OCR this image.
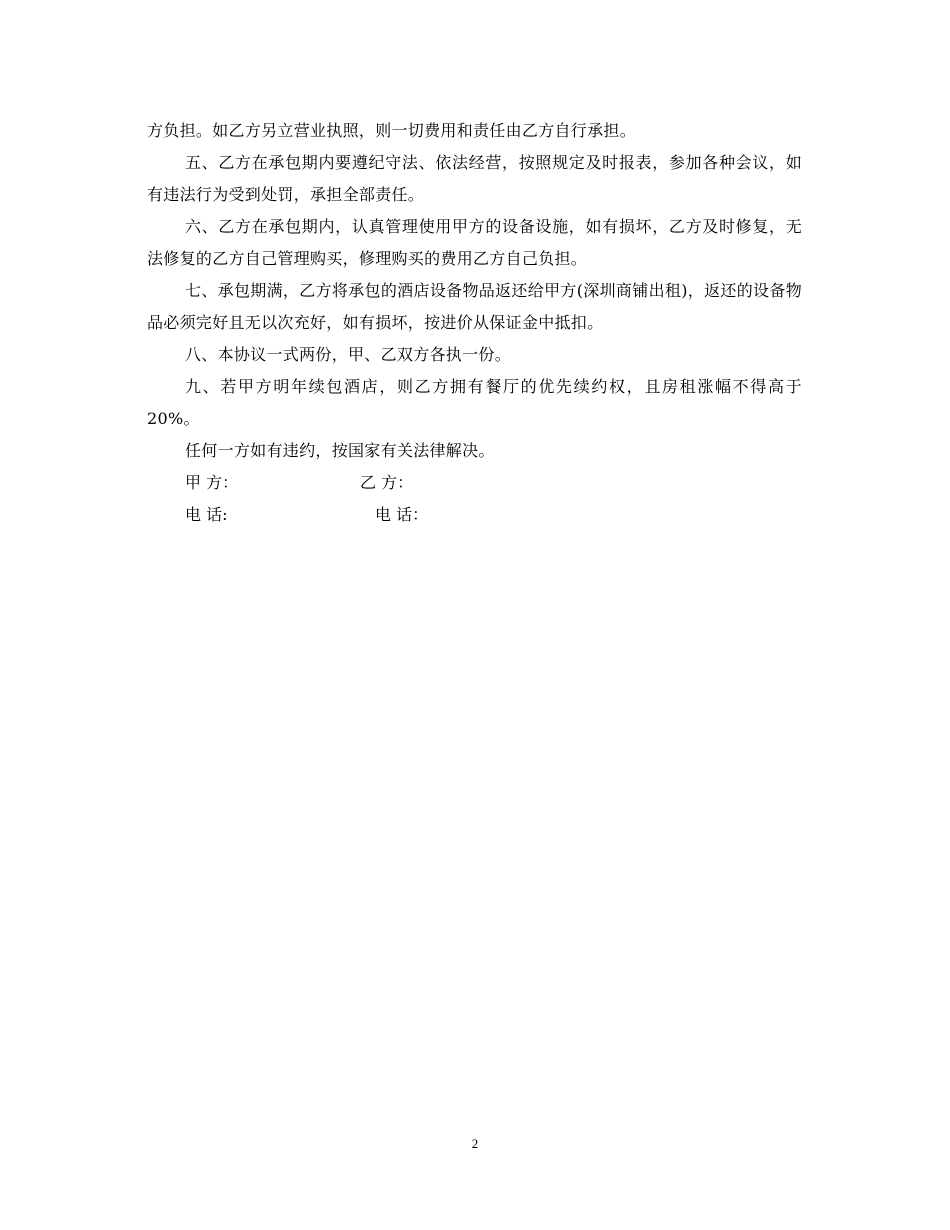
方负担。如乙方另立营业执照，则一切费用和责任由乙方自行承担。

五、乙方在承包期内要遵纪守法、依法经营，按照规定及时报表，参加各种会议，如有违法行为受到处罚，承担全部责任。

六、乙方在承包期内，认真管理使用甲方的设备设施，如有损坏，乙方及时修复，无法修复的乙方自己管理购买，修理购买的费用乙方自己负担。

七、承包期满，乙方将承包的酒店设备物品返还给甲方(深圳商铺出租)，返还的设备物品必须完好且无以次充好，如有损坏，按进价从保证金中抵扣。

八、本协议一式两份，甲、乙双方各执一份。

九、若甲方明年续包酒店，则乙方拥有餐厅的优先续约权，且房租涨幅不得高于20%。

任何一方如有违约，按国家有关法律解决。

甲 方：	乙 方：
电 话:	电 话：
2
